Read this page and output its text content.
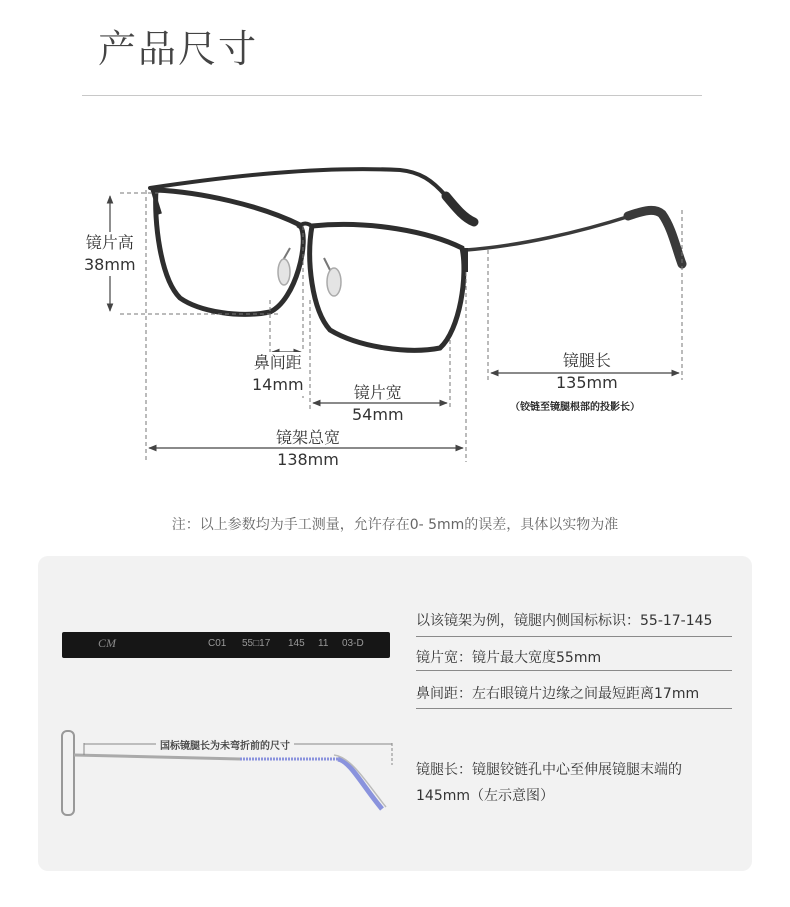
产品尺寸
镜片高
38mm
鼻间距
14mm	镜片宽
54mm
镜架总宽
138mm
镜腿长
135mm
（铰链至镜腿根部的投影长）
注：以上参数均为手工测量，允许存在0- 5mm的误差，具体以实物为准
CM	C01 55□17 145 11 03-D
国标镜腿长为未弯折前的尺寸
以该镜架为例，镜腿内侧国标标识：55-17-145
镜片宽：镜片最大宽度55mm
鼻间距：左右眼镜片边缘之间最短距离17mm
镜腿长：镜腿铰链孔中心至伸展镜腿末端的
145mm（左示意图）
